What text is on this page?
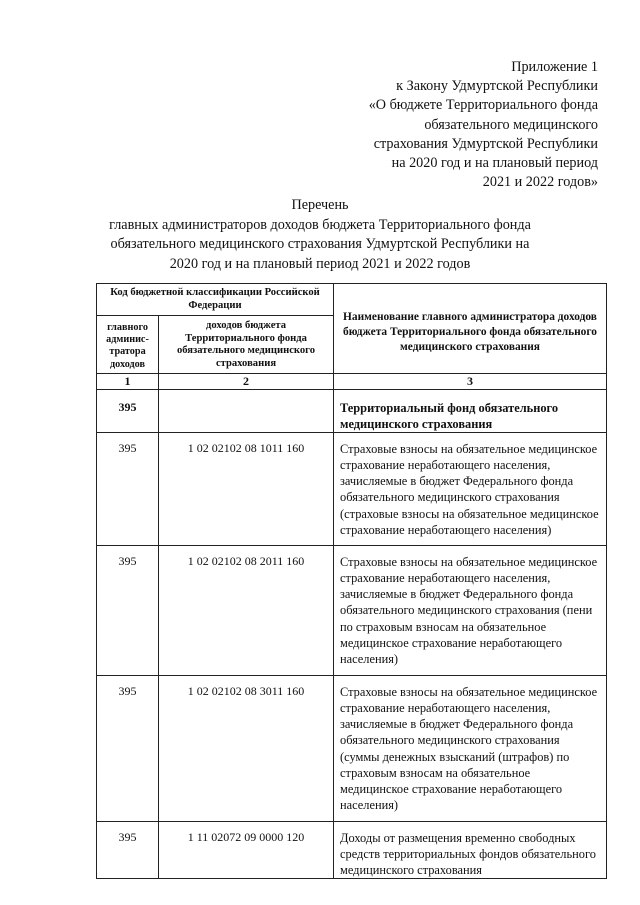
Приложение 1
к Закону Удмуртской Республики
«О бюджете Территориального фонда
обязательного медицинского
страхования Удмуртской Республики
на 2020 год и на плановый период
2021 и 2022 годов»
Перечень
главных администраторов доходов бюджета Территориального фонда
обязательного медицинского страхования Удмуртской Республики на
2020 год и на плановый период 2021 и 2022 годов
Код бюджетной классификации Российской Федерации		Наименование главного администратора доходов бюджета Территориального фонда обязательного медицинского страхования
главного админис-тратора доходов	доходов бюджета Территориального фонда обязательного медицинского страхования	
1	2	3
395		Территориальный фонд обязательного медицинского страхования
395	1 02 02102 08 1011 160	Страховые взносы на обязательное медицинское страхование неработающего населения, зачисляемые в бюджет Федерального фонда обязательного медицинского страхования (страховые взносы на обязательное медицинское страхование неработающего населения)
395	1 02 02102 08 2011 160	Страховые взносы на обязательное медицинское страхование неработающего населения, зачисляемые в бюджет Федерального фонда обязательного медицинского страхования (пени по страховым взносам на обязательное медицинское страхование неработающего населения)
395	1 02 02102 08 3011 160	Страховые взносы на обязательное медицинское страхование неработающего населения, зачисляемые в бюджет Федерального фонда обязательного медицинского страхования (суммы денежных взысканий (штрафов) по страховым взносам на обязательное медицинское страхование неработающего населения)
395	1 11 02072 09 0000 120	Доходы от размещения временно свободных средств территориальных фондов обязательного медицинского страхования
